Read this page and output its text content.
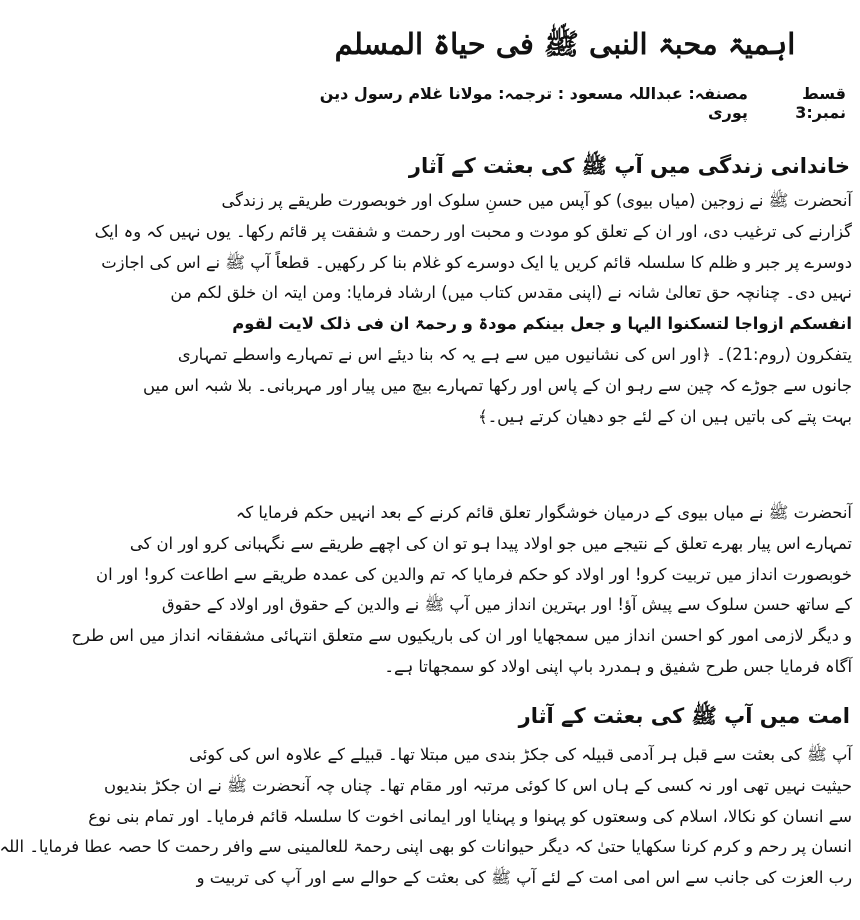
اہمیۃ محبۃ النبی ﷺ فی حیاۃ المسلم
قسط نمبر:3
مصنفہ: عبداللہ مسعود : ترجمہ: مولانا غلام رسول دین پوری
خاندانی زندگی میں آپ ﷺ کی بعثت کے آثار
آنحضرت ﷺ نے زوجین (میاں بیوی) کو آپس میں حسنِ سلوک اور خوبصورت طریقے پر زندگی
گزارنے کی ترغیب دی، اور ان کے تعلق کو مودت و محبت اور رحمت و شفقت پر قائم رکھا۔ یوں نہیں کہ وہ ایک
دوسرے پر جبر و ظلم کا سلسلہ قائم کریں یا ایک دوسرے کو غلام بنا کر رکھیں۔ قطعاً آپ ﷺ نے اس کی اجازت
نہیں دی۔ چنانچہ حق تعالیٰ شانہ نے (اپنی مقدس کتاب میں) ارشاد فرمایا: ومن ایتہ ان خلق لکم من
انفسکم ازواجا لتسکنوا الیہا و جعل بینکم مودۃ و رحمۃ ان فی ذلک لایت لقوم
یتفکرون (روم:21)۔ ﴿اور اس کی نشانیوں میں سے ہے یہ کہ بنا دیئے اس نے تمہارے واسطے تمہاری
جانوں سے جوڑے کہ چین سے رہو ان کے پاس اور رکھا تمہارے بیچ میں پیار اور مہربانی۔ بلا شبہ اس میں
بہت پتے کی باتیں ہیں ان کے لئے جو دھیان کرتے ہیں۔﴾
آنحضرت ﷺ نے میاں بیوی کے درمیان خوشگوار تعلق قائم کرنے کے بعد انہیں حکم فرمایا کہ
تمہارے اس پیار بھرے تعلق کے نتیجے میں جو اولاد پیدا ہو تو ان کی اچھے طریقے سے نگہبانی کرو اور ان کی
خوبصورت انداز میں تربیت کرو! اور اولاد کو حکم فرمایا کہ تم والدین کی عمدہ طریقے سے اطاعت کرو! اور ان
کے ساتھ حسن سلوک سے پیش آؤ! اور بہترین انداز میں آپ ﷺ نے والدین کے حقوق اور اولاد کے حقوق
و دیگر لازمی امور کو احسن انداز میں سمجھایا اور ان کی باریکیوں سے متعلق انتہائی مشفقانہ انداز میں اس طرح
آگاہ فرمایا جس طرح شفیق و ہمدرد باپ اپنی اولاد کو سمجھاتا ہے۔
امت میں آپ ﷺ کی بعثت کے آثار
آپ ﷺ کی بعثت سے قبل ہر آدمی قبیلہ کی جکڑ بندی میں مبتلا تھا۔ قبیلے کے علاوہ اس کی کوئی
حیثیت نہیں تھی اور نہ کسی کے ہاں اس کا کوئی مرتبہ اور مقام تھا۔ چناں چہ آنحضرت ﷺ نے ان جکڑ بندیوں
سے انسان کو نکالا، اسلام کی وسعتوں کو پہنوا و پہنایا اور ایمانی اخوت کا سلسلہ قائم فرمایا۔ اور تمام بنی نوع
انسان پر رحم و کرم کرنا سکھایا حتیٰ کہ دیگر حیوانات کو بھی اپنی رحمۃ للعالمینی سے وافر رحمت کا حصہ عطا فرمایا۔ اللہ
رب العزت کی جانب سے اس امی امت کے لئے آپ ﷺ کی بعثت کے حوالے سے اور آپ کی تربیت و
